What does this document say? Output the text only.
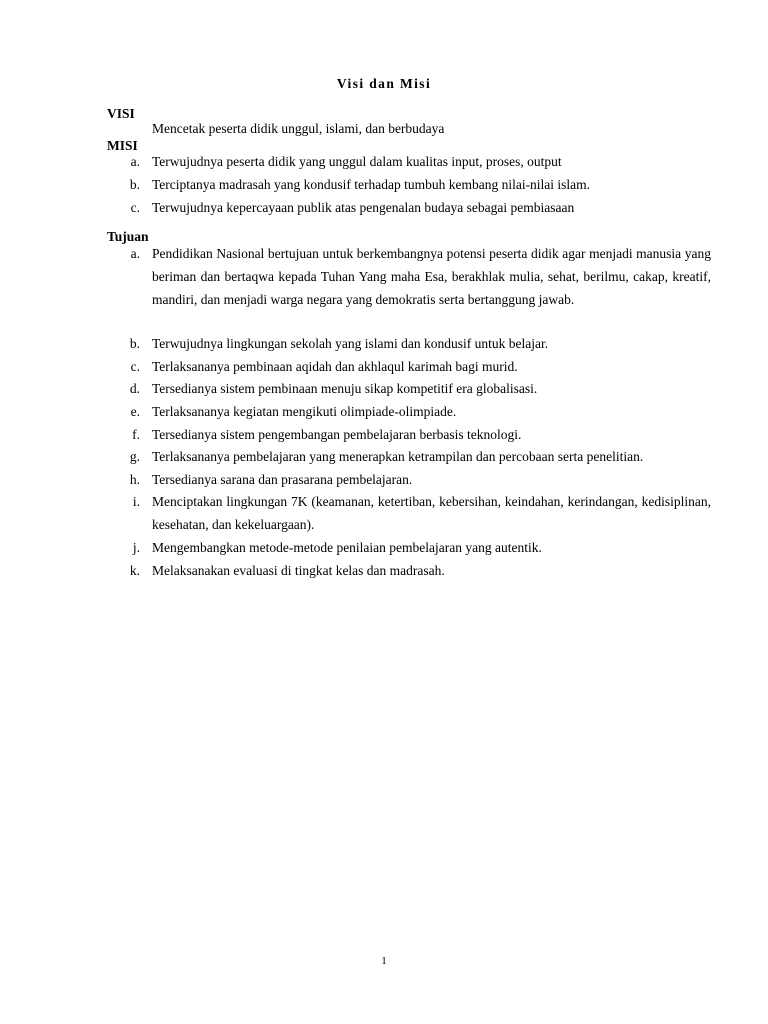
Visi dan Misi
VISI
Mencetak peserta didik unggul, islami, dan berbudaya
MISI
a. Terwujudnya peserta didik yang unggul dalam kualitas input, proses, output
b. Terciptanya madrasah yang kondusif terhadap tumbuh kembang nilai-nilai islam.
c. Terwujudnya kepercayaan publik atas pengenalan budaya sebagai pembiasaan
Tujuan
a. Pendidikan Nasional bertujuan untuk berkembangnya potensi peserta didik agar menjadi manusia yang beriman dan bertaqwa kepada Tuhan Yang maha Esa, berakhlak mulia, sehat, berilmu, cakap, kreatif, mandiri, dan menjadi warga negara yang demokratis serta bertanggung jawab.
b. Terwujudnya lingkungan sekolah yang islami dan kondusif untuk belajar.
c. Terlaksananya pembinaan aqidah dan akhlaqul karimah bagi murid.
d. Tersedianya sistem pembinaan menuju sikap kompetitif era globalisasi.
e. Terlaksananya kegiatan mengikuti olimpiade-olimpiade.
f. Tersedianya sistem pengembangan pembelajaran berbasis teknologi.
g. Terlaksananya pembelajaran yang menerapkan ketrampilan dan percobaan serta penelitian.
h. Tersedianya sarana dan prasarana pembelajaran.
i. Menciptakan lingkungan 7K (keamanan, ketertiban, kebersihan, keindahan, kerindangan, kedisiplinan, kesehatan, dan kekeluargaan).
j. Mengembangkan metode-metode penilaian pembelajaran yang autentik.
k. Melaksanakan evaluasi di tingkat kelas dan madrasah.
1
